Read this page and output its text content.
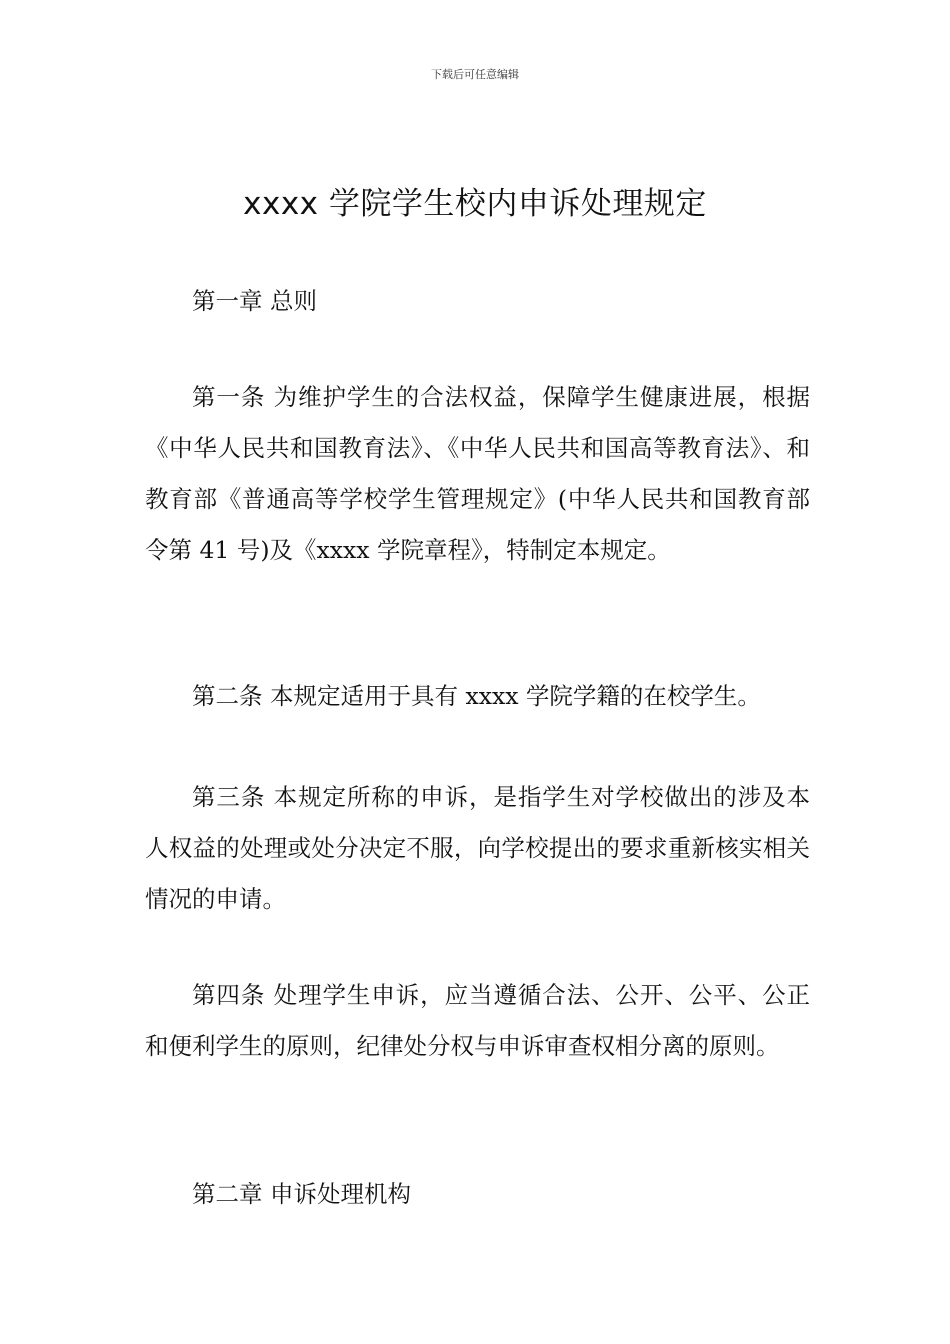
下载后可任意编辑
xxxx 学院学生校内申诉处理规定

第一章 总则

第一条 为维护学生的合法权益，保障学生健康进展，根据《中华人民共和国教育法》、《中华人民共和国高等教育法》、和教育部《普通高等学校学生管理规定》(中华人民共和国教育部令第 41 号)及《xxxx 学院章程》，特制定本规定。

第二条 本规定适用于具有 xxxx 学院学籍的在校学生。

第三条 本规定所称的申诉，是指学生对学校做出的涉及本人权益的处理或处分决定不服，向学校提出的要求重新核实相关情况的申请。

第四条 处理学生申诉，应当遵循合法、公开、公平、公正和便利学生的原则，纪律处分权与申诉审查权相分离的原则。

第二章 申诉处理机构
